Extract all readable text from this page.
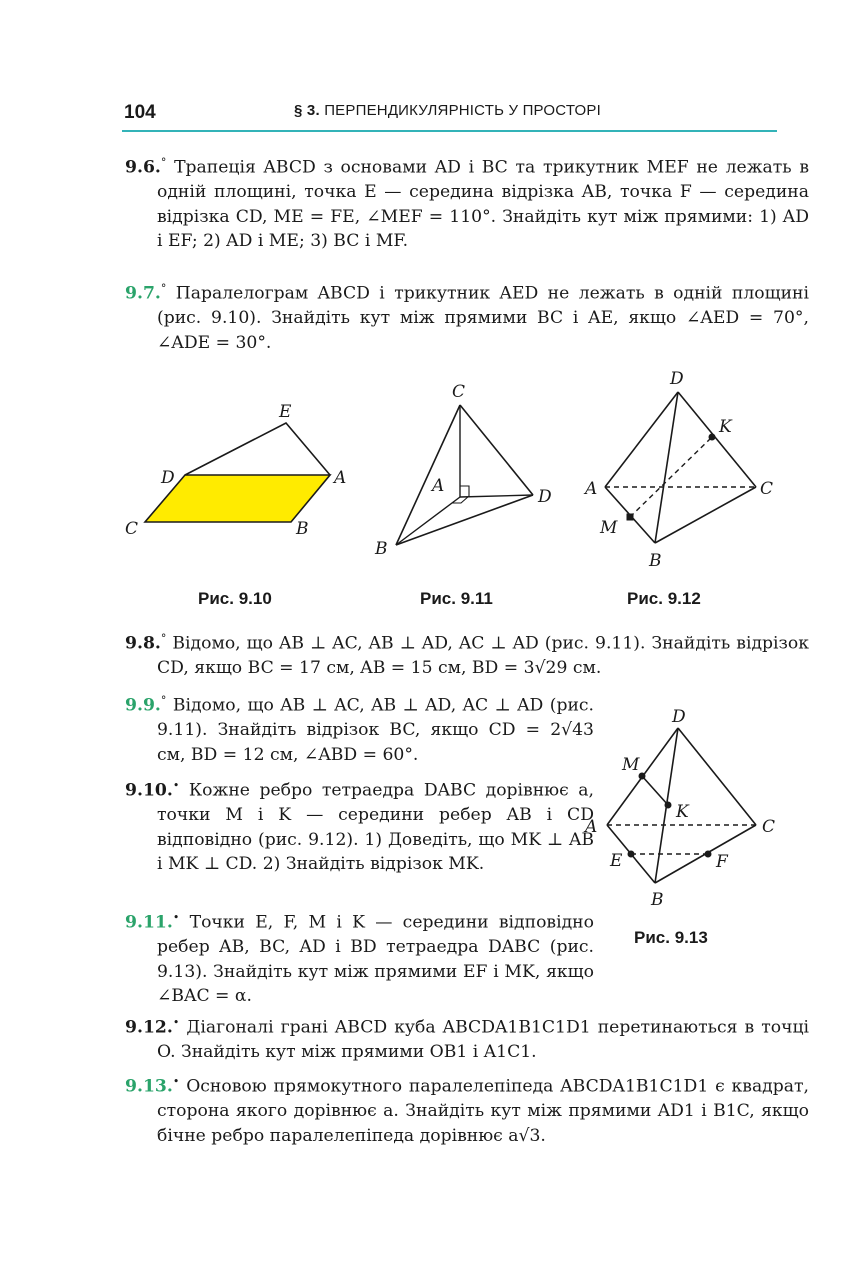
104	§ 3. ПЕРПЕНДИКУЛЯРНІСТЬ У ПРОСТОРІ
9.6.° Трапеція ABCD з основами AD і BC та трикутник MEF не лежать в одній площині, точка E — середина відрізка AB, точка F — середина відрізка CD, ME = FE, ∠MEF = 110°. Знайдіть кут між прямими: 1) AD і EF; 2) AD і ME; 3) BC і MF.
9.7.° Паралелограм ABCD і трикутник AED не лежать в одній площині (рис. 9.10). Знайдіть кут між прямими BC і AE, якщо ∠AED = 70°, ∠ADE = 30°.
E
D	A
C	B
Рис. 9.10
C
A
D
B
Рис. 9.11
D
K
A	C
M
B
Рис. 9.12
9.8.° Відомо, що AB ⊥ AC, AB ⊥ AD, AC ⊥ AD (рис. 9.11). Знайдіть відрізок CD, якщо BC = 17 см, AB = 15 см, BD = 3√29 см.
9.9.° Відомо, що AB ⊥ AC, AB ⊥ AD, AC ⊥ AD (рис. 9.11). Знайдіть відрізок BC, якщо CD = 2√43 см, BD = 12 см, ∠ABD = 60°.
9.10.• Кожне ребро тетраедра DABC дорівнює a, точки M і K — середини ребер AB і CD відповідно (рис. 9.12). 1) Доведіть, що MK ⊥ AB і MK ⊥ CD. 2) Знайдіть відрізок MK.
9.11.• Точки E, F, M і K — середини відповідно ребер AB, BC, AD і BD тетраедра DABC (рис. 9.13). Знайдіть кут між прямими EF і MK, якщо ∠BAC = α.
D
M
K
A	C
E	F
B
Рис. 9.13
9.12.• Діагоналі грані ABCD куба ABCDA1B1C1D1 перетинаються в точці O. Знайдіть кут між прямими OB1 і A1C1.
9.13.• Основою прямокутного паралелепіпеда ABCDA1B1C1D1 є квадрат, сторона якого дорівнює a. Знайдіть кут між прямими AD1 і B1C, якщо бічне ребро паралелепіпеда дорівнює a√3.
